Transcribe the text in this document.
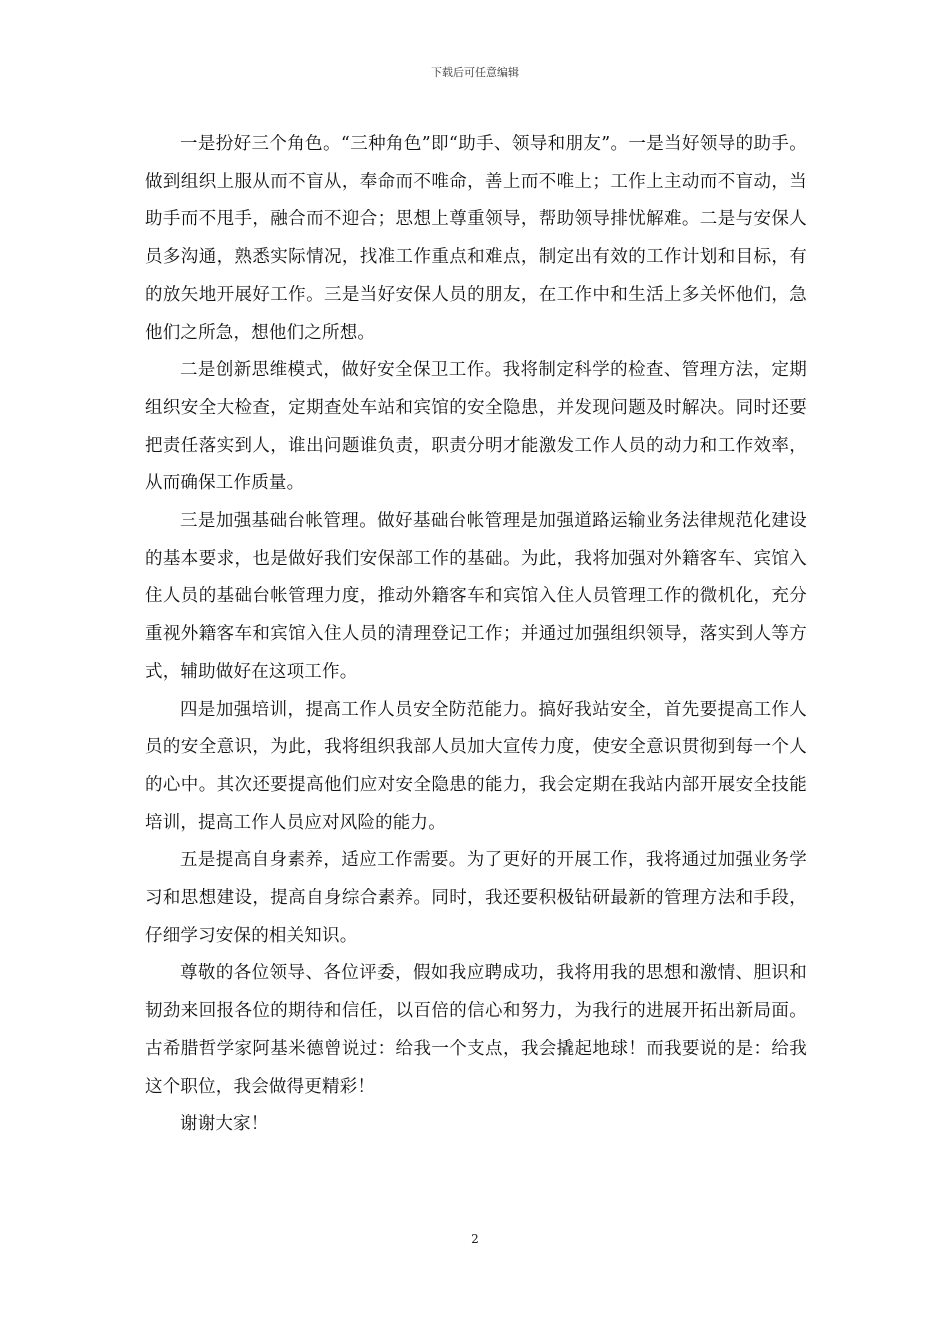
下载后可任意编辑

一是扮好三个角色。“三种角色”即“助手、领导和朋友”。一是当好领导的助手。做到组织上服从而不盲从，奉命而不唯命，善上而不唯上；工作上主动而不盲动，当助手而不甩手，融合而不迎合；思想上尊重领导，帮助领导排忧解难。二是与安保人员多沟通，熟悉实际情况，找准工作重点和难点，制定出有效的工作计划和目标，有的放矢地开展好工作。三是当好安保人员的朋友，在工作中和生活上多关怀他们，急他们之所急，想他们之所想。

二是创新思维模式，做好安全保卫工作。我将制定科学的检查、管理方法，定期组织安全大检查，定期查处车站和宾馆的安全隐患，并发现问题及时解决。同时还要把责任落实到人，谁出问题谁负责，职责分明才能激发工作人员的动力和工作效率，从而确保工作质量。

三是加强基础台帐管理。做好基础台帐管理是加强道路运输业务法律规范化建设的基本要求，也是做好我们安保部工作的基础。为此，我将加强对外籍客车、宾馆入住人员的基础台帐管理力度，推动外籍客车和宾馆入住人员管理工作的微机化，充分重视外籍客车和宾馆入住人员的清理登记工作；并通过加强组织领导，落实到人等方式，辅助做好在这项工作。

四是加强培训，提高工作人员安全防范能力。搞好我站安全，首先要提高工作人员的安全意识，为此，我将组织我部人员加大宣传力度，使安全意识贯彻到每一个人的心中。其次还要提高他们应对安全隐患的能力，我会定期在我站内部开展安全技能培训，提高工作人员应对风险的能力。

五是提高自身素养，适应工作需要。为了更好的开展工作，我将通过加强业务学习和思想建设，提高自身综合素养。同时，我还要积极钻研最新的管理方法和手段，仔细学习安保的相关知识。

尊敬的各位领导、各位评委，假如我应聘成功，我将用我的思想和激情、胆识和韧劲来回报各位的期待和信任，以百倍的信心和努力，为我行的进展开拓出新局面。古希腊哲学家阿基米德曾说过：给我一个支点，我会撬起地球！而我要说的是：给我这个职位，我会做得更精彩！

谢谢大家！

2
